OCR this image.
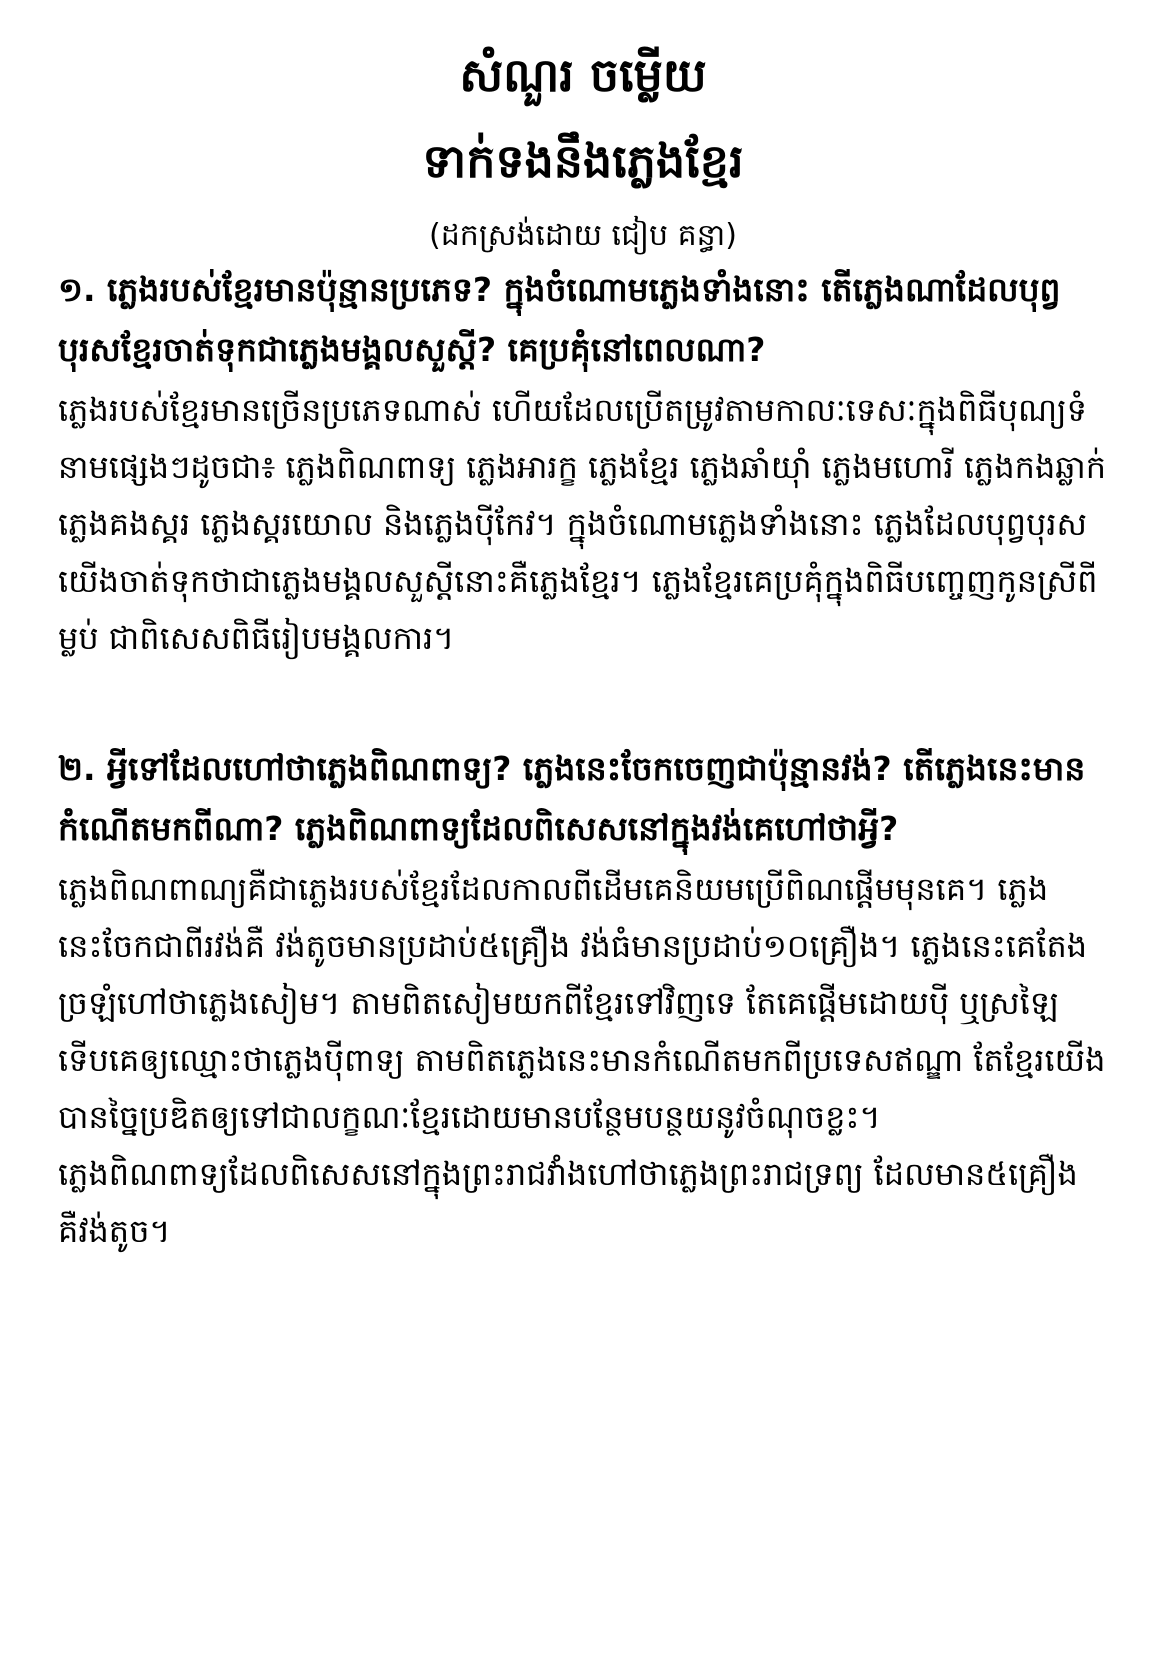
សំណួរ ចម្លើយ
ទាក់ទងនឹងភ្លេងខ្មែរ
(ដកស្រង់ដោយ ជៀប គន្ធា)

១. ភ្លេងរបស់ខ្មែរមានប៉ុន្មានប្រភេទ? ក្នុងចំណោមភ្លេងទាំងនោះ តើភ្លេងណាដែលបុព្វបុរសខ្មែរចាត់ទុកជាភ្លេងមង្គលសួស្តី? គេប្រគុំនៅពេលណា?

ភ្លេងរបស់ខ្មែរមានច្រើនប្រភេទណាស់ ហើយដែលប្រើតម្រូវតាមកាលៈទេសៈក្នុងពិធីបុណ្យទំនាមផ្សេងៗដូចជា៖ ភ្លេងពិណពាទ្យ ភ្លេងអារក្ខ ភ្លេងខ្មែរ ភ្លេងឆាំយ៉ាំ ភ្លេងមហោរី ភ្លេងកងឆ្លាក់ ភ្លេងគងស្គរ ភ្លេងស្គរយោល និងភ្លេងប៉ីកែវ។ ក្នុងចំណោមភ្លេងទាំងនោះ ភ្លេងដែលបុព្វបុរសយើងចាត់ទុកថាជាភ្លេងមង្គលសួស្តីនោះគឺភ្លេងខ្មែរ។ ភ្លេងខ្មែរគេប្រគុំក្នុងពិធីបញ្ចេញកូនស្រីពីម្លប់ ជាពិសេសពិធីរៀបមង្គលការ។

២. អ្វីទៅដែលហៅថាភ្លេងពិណពាទ្យ? ភ្លេងនេះចែកចេញជាប៉ុន្មានវង់? តើភ្លេងនេះមានកំណើតមកពីណា? ភ្លេងពិណពាទ្យដែលពិសេសនៅក្នុងវង់គេហៅថាអ្វី?

ភ្លេងពិណពាណ្យគឺជាភ្លេងរបស់ខ្មែរដែលកាលពីដើមគេនិយមប្រើពិណផ្តើមមុនគេ។ ភ្លេងនេះចែកជាពីរវង់គឺ វង់តូចមានប្រដាប់៥គ្រឿង វង់ធំមានប្រដាប់១០គ្រឿង។ ភ្លេងនេះគេតែងច្រឡំហៅថាភ្លេងសៀម។ តាមពិតសៀមយកពីខ្មែរទៅវិញទេ តែគេផ្តើមដោយប៉ី ឬស្រឡៃទើបគេឲ្យឈ្មោះថាភ្លេងប៉ីពាទ្យ តាមពិតភ្លេងនេះមានកំណើតមកពីប្រទេសឥណ្ឌា តែខ្មែរយើងបានច្នៃប្រឌិតឲ្យទៅជាលក្ខណៈខ្មែរដោយមានបន្ថែមបន្ថយនូវចំណុចខ្លះ។

ភ្លេងពិណពាទ្យដែលពិសេសនៅក្នុងព្រះរាជវាំងហៅថាភ្លេងព្រះរាជទ្រព្យ ដែលមាន៥គ្រឿង គឺវង់តូច។
